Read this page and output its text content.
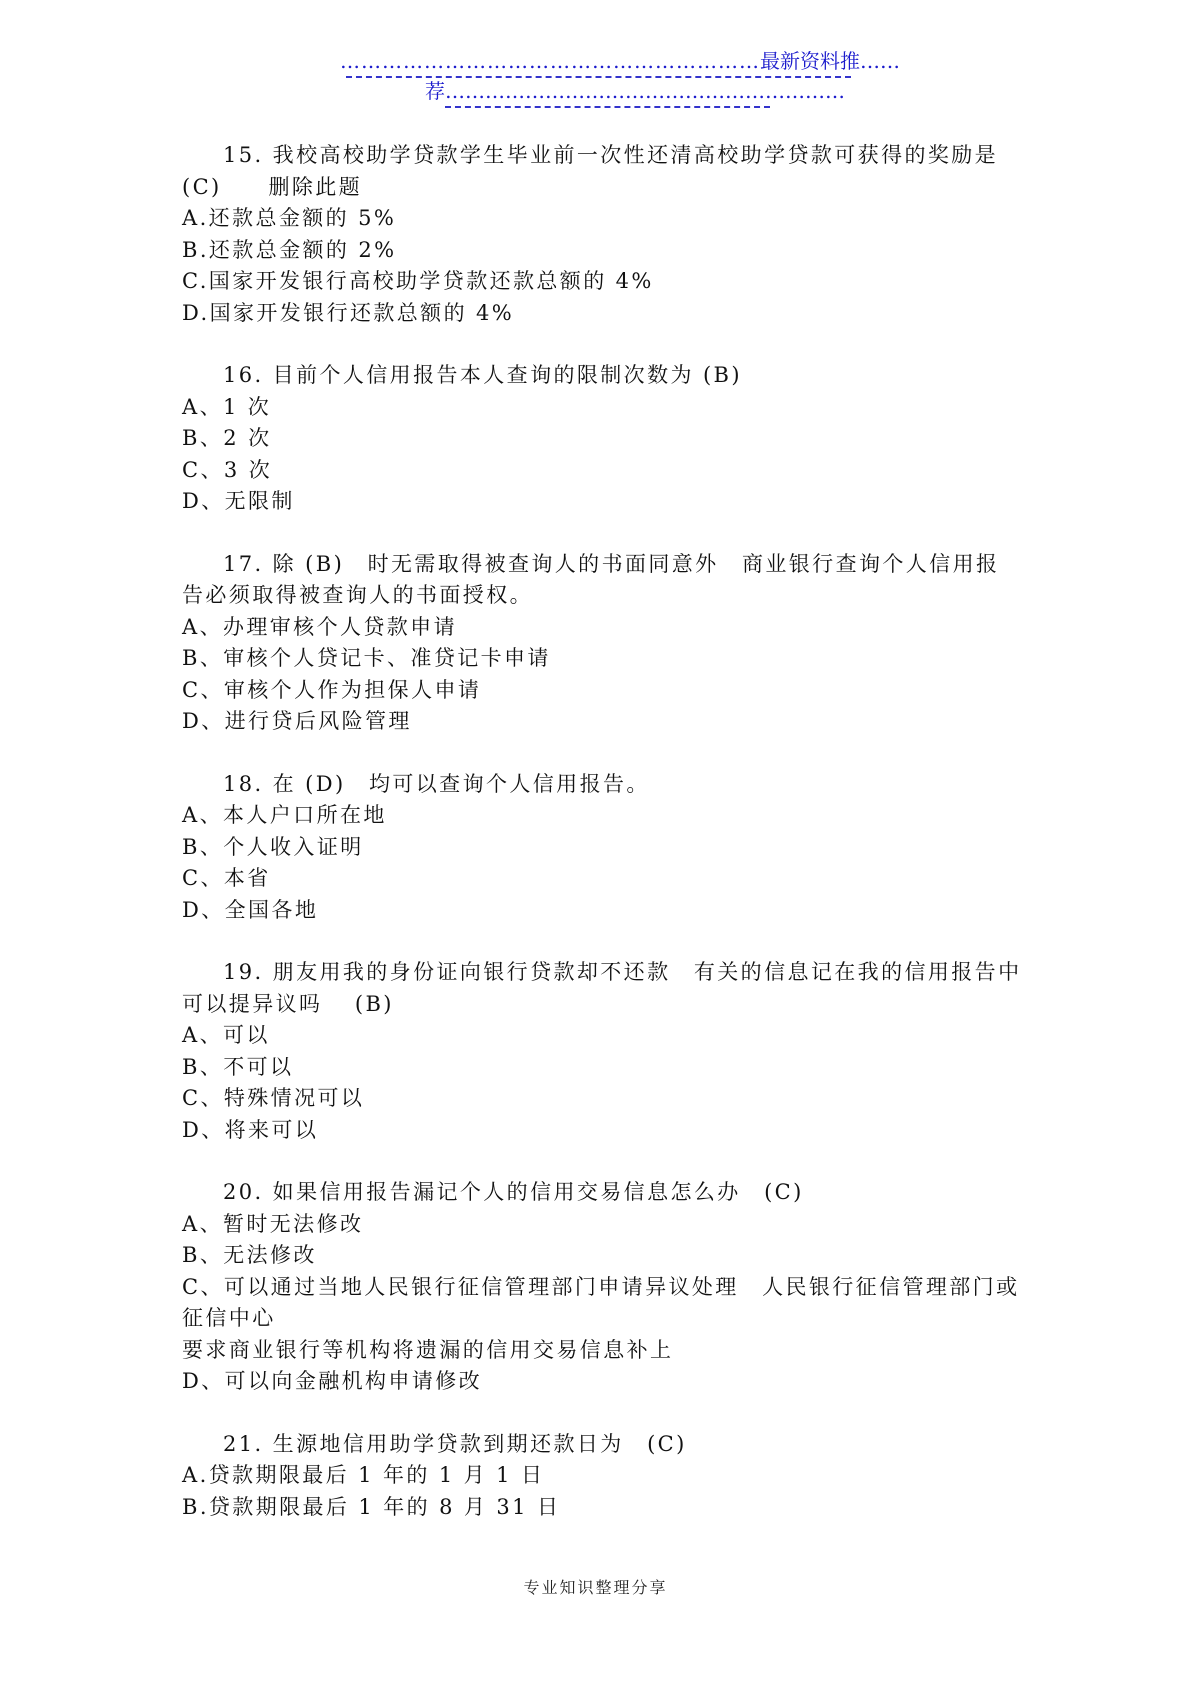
……………………………………………………最新资料推……
荐……………………………………………………

15. 我校高校助学贷款学生毕业前一次性还清高校助学贷款可获得的奖励是 (C)　　删除此题

A.还款总金额的 5%

B.还款总金额的 2%

C.国家开发银行高校助学贷款还款总额的 4%

D.国家开发银行还款总额的 4%

16. 目前个人信用报告本人查询的限制次数为 (B)

A、1 次

B、2 次

C、3 次

D、无限制

17. 除 (B)　时无需取得被查询人的书面同意外　商业银行查询个人信用报告必须取得被查询人的书面授权。

A、办理审核个人贷款申请

B、审核个人贷记卡、准贷记卡申请

C、审核个人作为担保人申请

D、进行贷后风险管理

18. 在 (D)　均可以查询个人信用报告。

A、本人户口所在地

B、个人收入证明

C、本省

D、全国各地

19. 朋友用我的身份证向银行贷款却不还款　有关的信息记在我的信用报告中可以提异议吗　 (B)

A、可以

B、不可以

C、特殊情况可以

D、将来可以

20. 如果信用报告漏记个人的信用交易信息怎么办　(C)

A、暂时无法修改

B、无法修改

C、可以通过当地人民银行征信管理部门申请异议处理　人民银行征信管理部门或征信中心

要求商业银行等机构将遗漏的信用交易信息补上

D、可以向金融机构申请修改

21. 生源地信用助学贷款到期还款日为　(C)

A.贷款期限最后 1 年的 1 月 1 日

B.贷款期限最后 1 年的 8 月 31 日

专业知识整理分享
